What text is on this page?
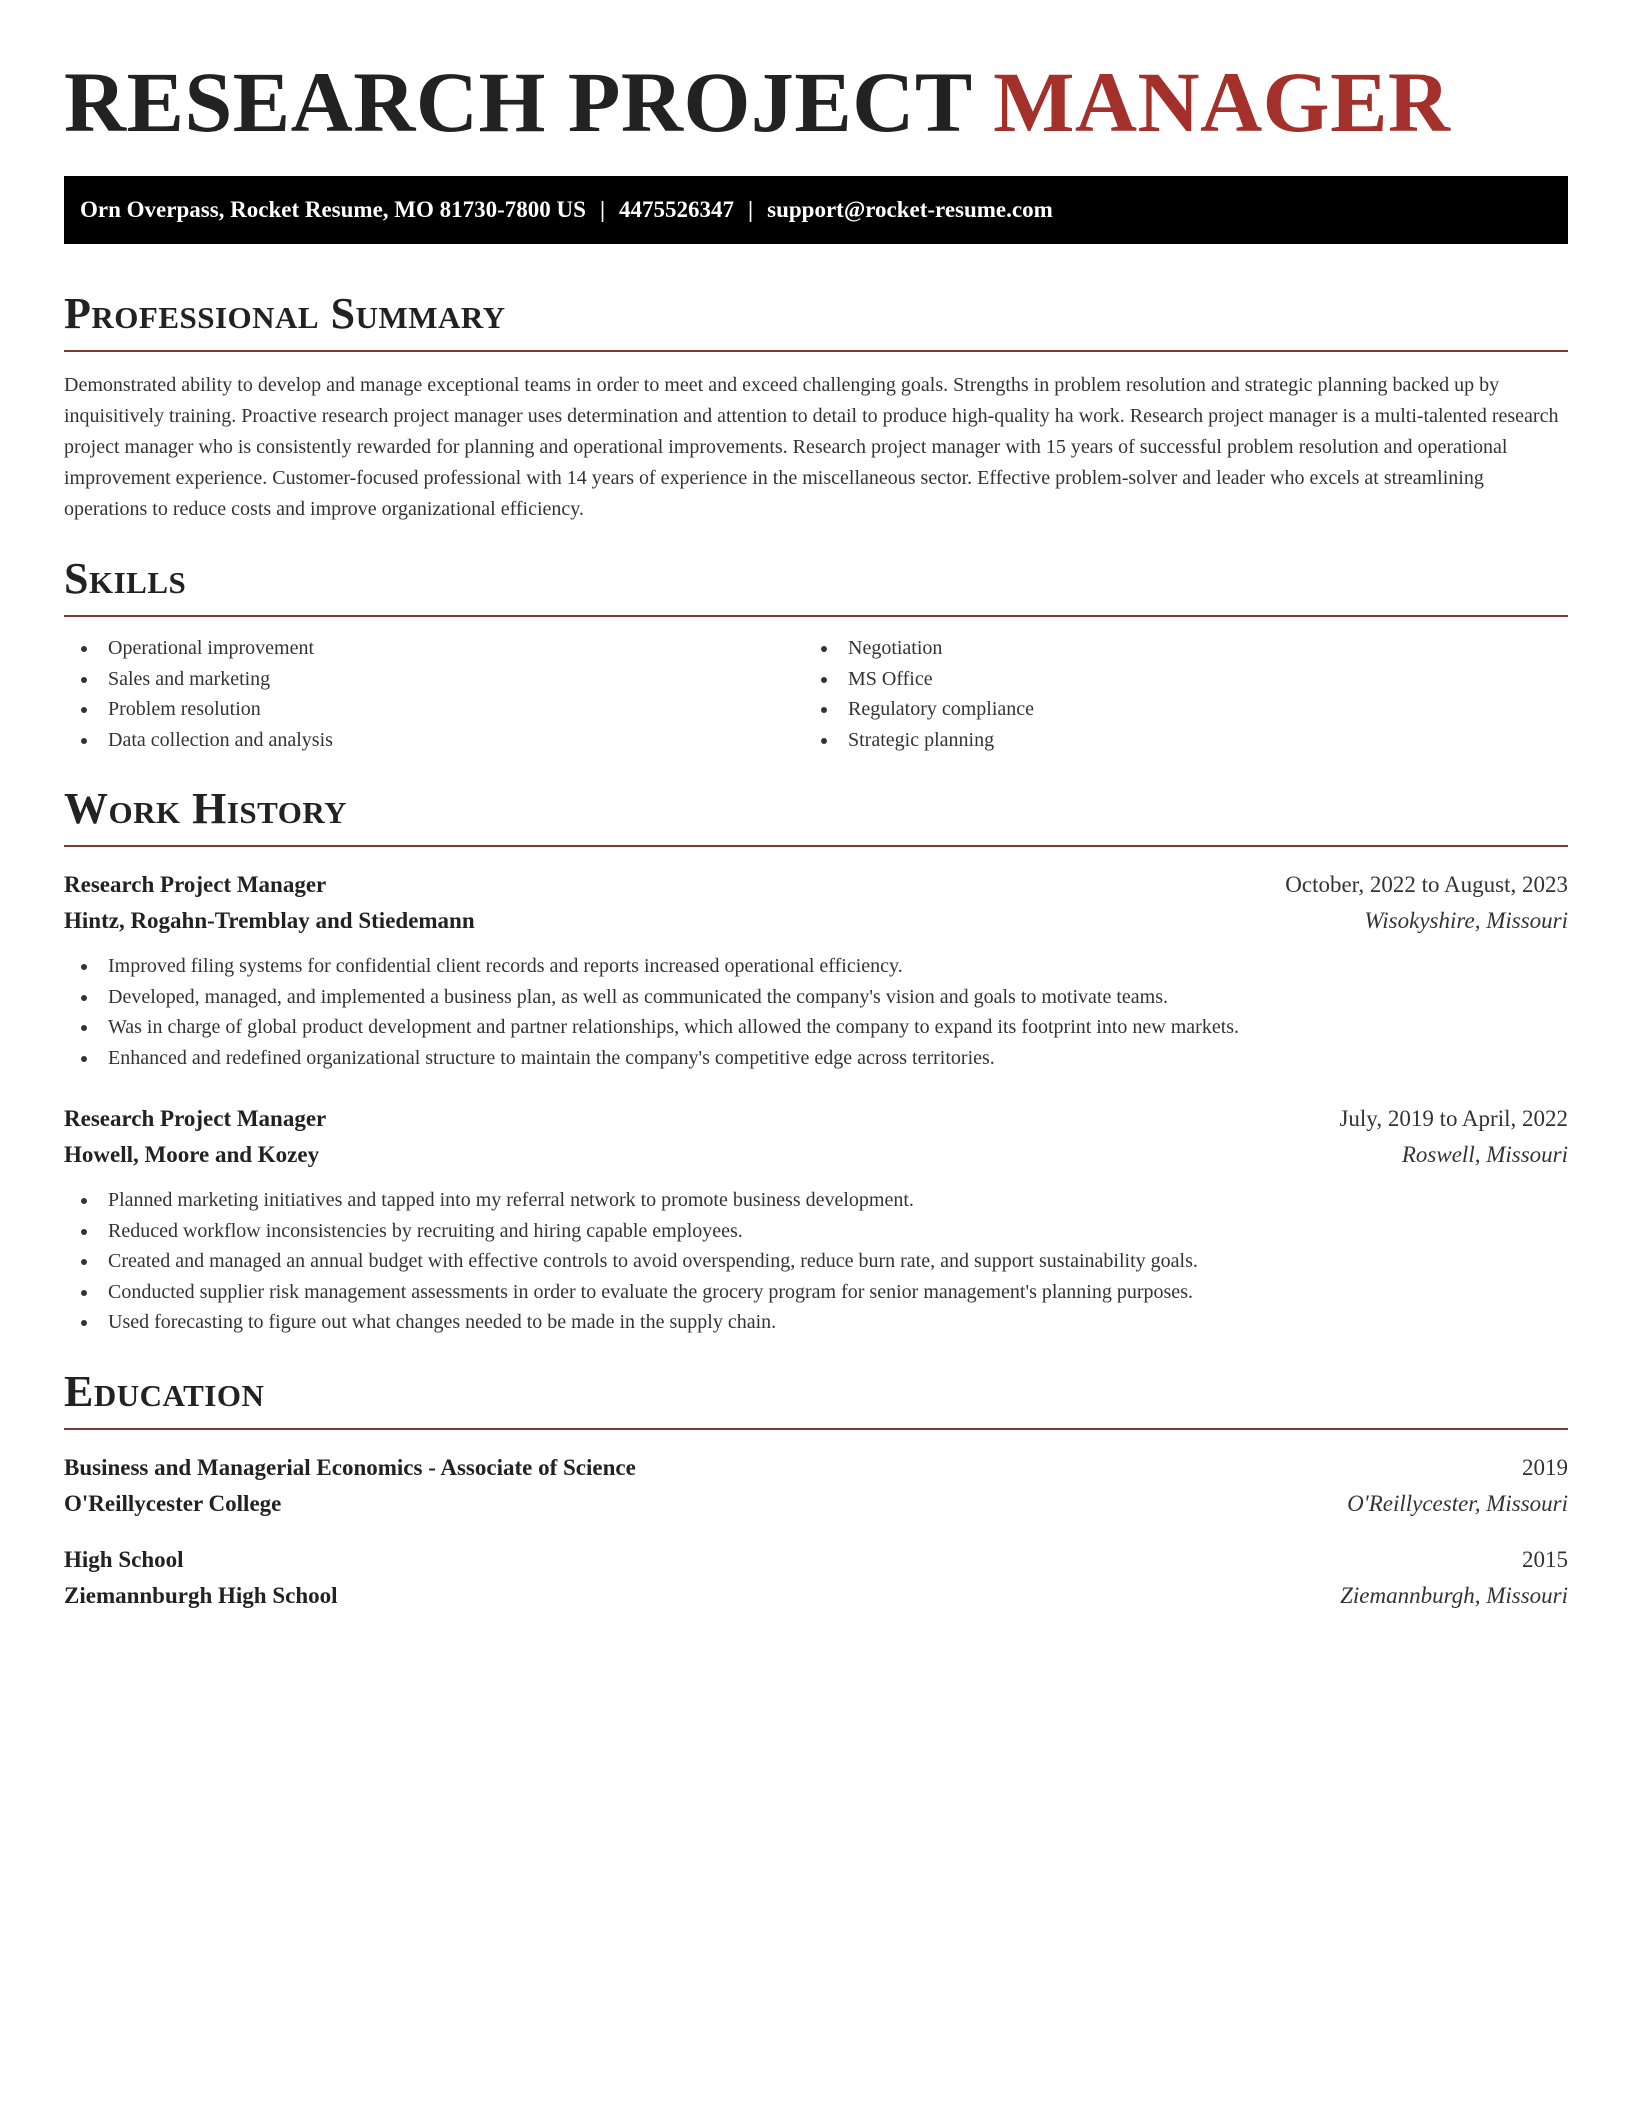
RESEARCH PROJECT MANAGER
Orn Overpass, Rocket Resume, MO 81730-7800 US | 4475526347 | support@rocket-resume.com
Professional Summary

Demonstrated ability to develop and manage exceptional teams in order to meet and exceed challenging goals. Strengths in problem resolution and strategic planning backed up by inquisitively training. Proactive research project manager uses determination and attention to detail to produce high-quality ha work. Research project manager is a multi-talented research project manager who is consistently rewarded for planning and operational improvements. Research project manager with 15 years of successful problem resolution and operational improvement experience. Customer-focused professional with 14 years of experience in the miscellaneous sector. Effective problem-solver and leader who excels at streamlining operations to reduce costs and improve organizational efficiency.

Skills
Operational improvement
Sales and marketing
Problem resolution
Data collection and analysis
Negotiation
MS Office
Regulatory compliance
Strategic planning
Work History
Research Project Manager	October, 2022 to August, 2023
Hintz, Rogahn-Tremblay and Stiedemann	Wisokyshire, Missouri
Improved filing systems for confidential client records and reports increased operational efficiency.
Developed, managed, and implemented a business plan, as well as communicated the company's vision and goals to motivate teams.
Was in charge of global product development and partner relationships, which allowed the company to expand its footprint into new markets.
Enhanced and redefined organizational structure to maintain the company's competitive edge across territories.
Research Project Manager	July, 2019 to April, 2022
Howell, Moore and Kozey	Roswell, Missouri
Planned marketing initiatives and tapped into my referral network to promote business development.
Reduced workflow inconsistencies by recruiting and hiring capable employees.
Created and managed an annual budget with effective controls to avoid overspending, reduce burn rate, and support sustainability goals.
Conducted supplier risk management assessments in order to evaluate the grocery program for senior management's planning purposes.
Used forecasting to figure out what changes needed to be made in the supply chain.
Education
Business and Managerial Economics - Associate of Science	2019
O'Reillycester College	O'Reillycester, Missouri
High School	2015
Ziemannburgh High School	Ziemannburgh, Missouri
